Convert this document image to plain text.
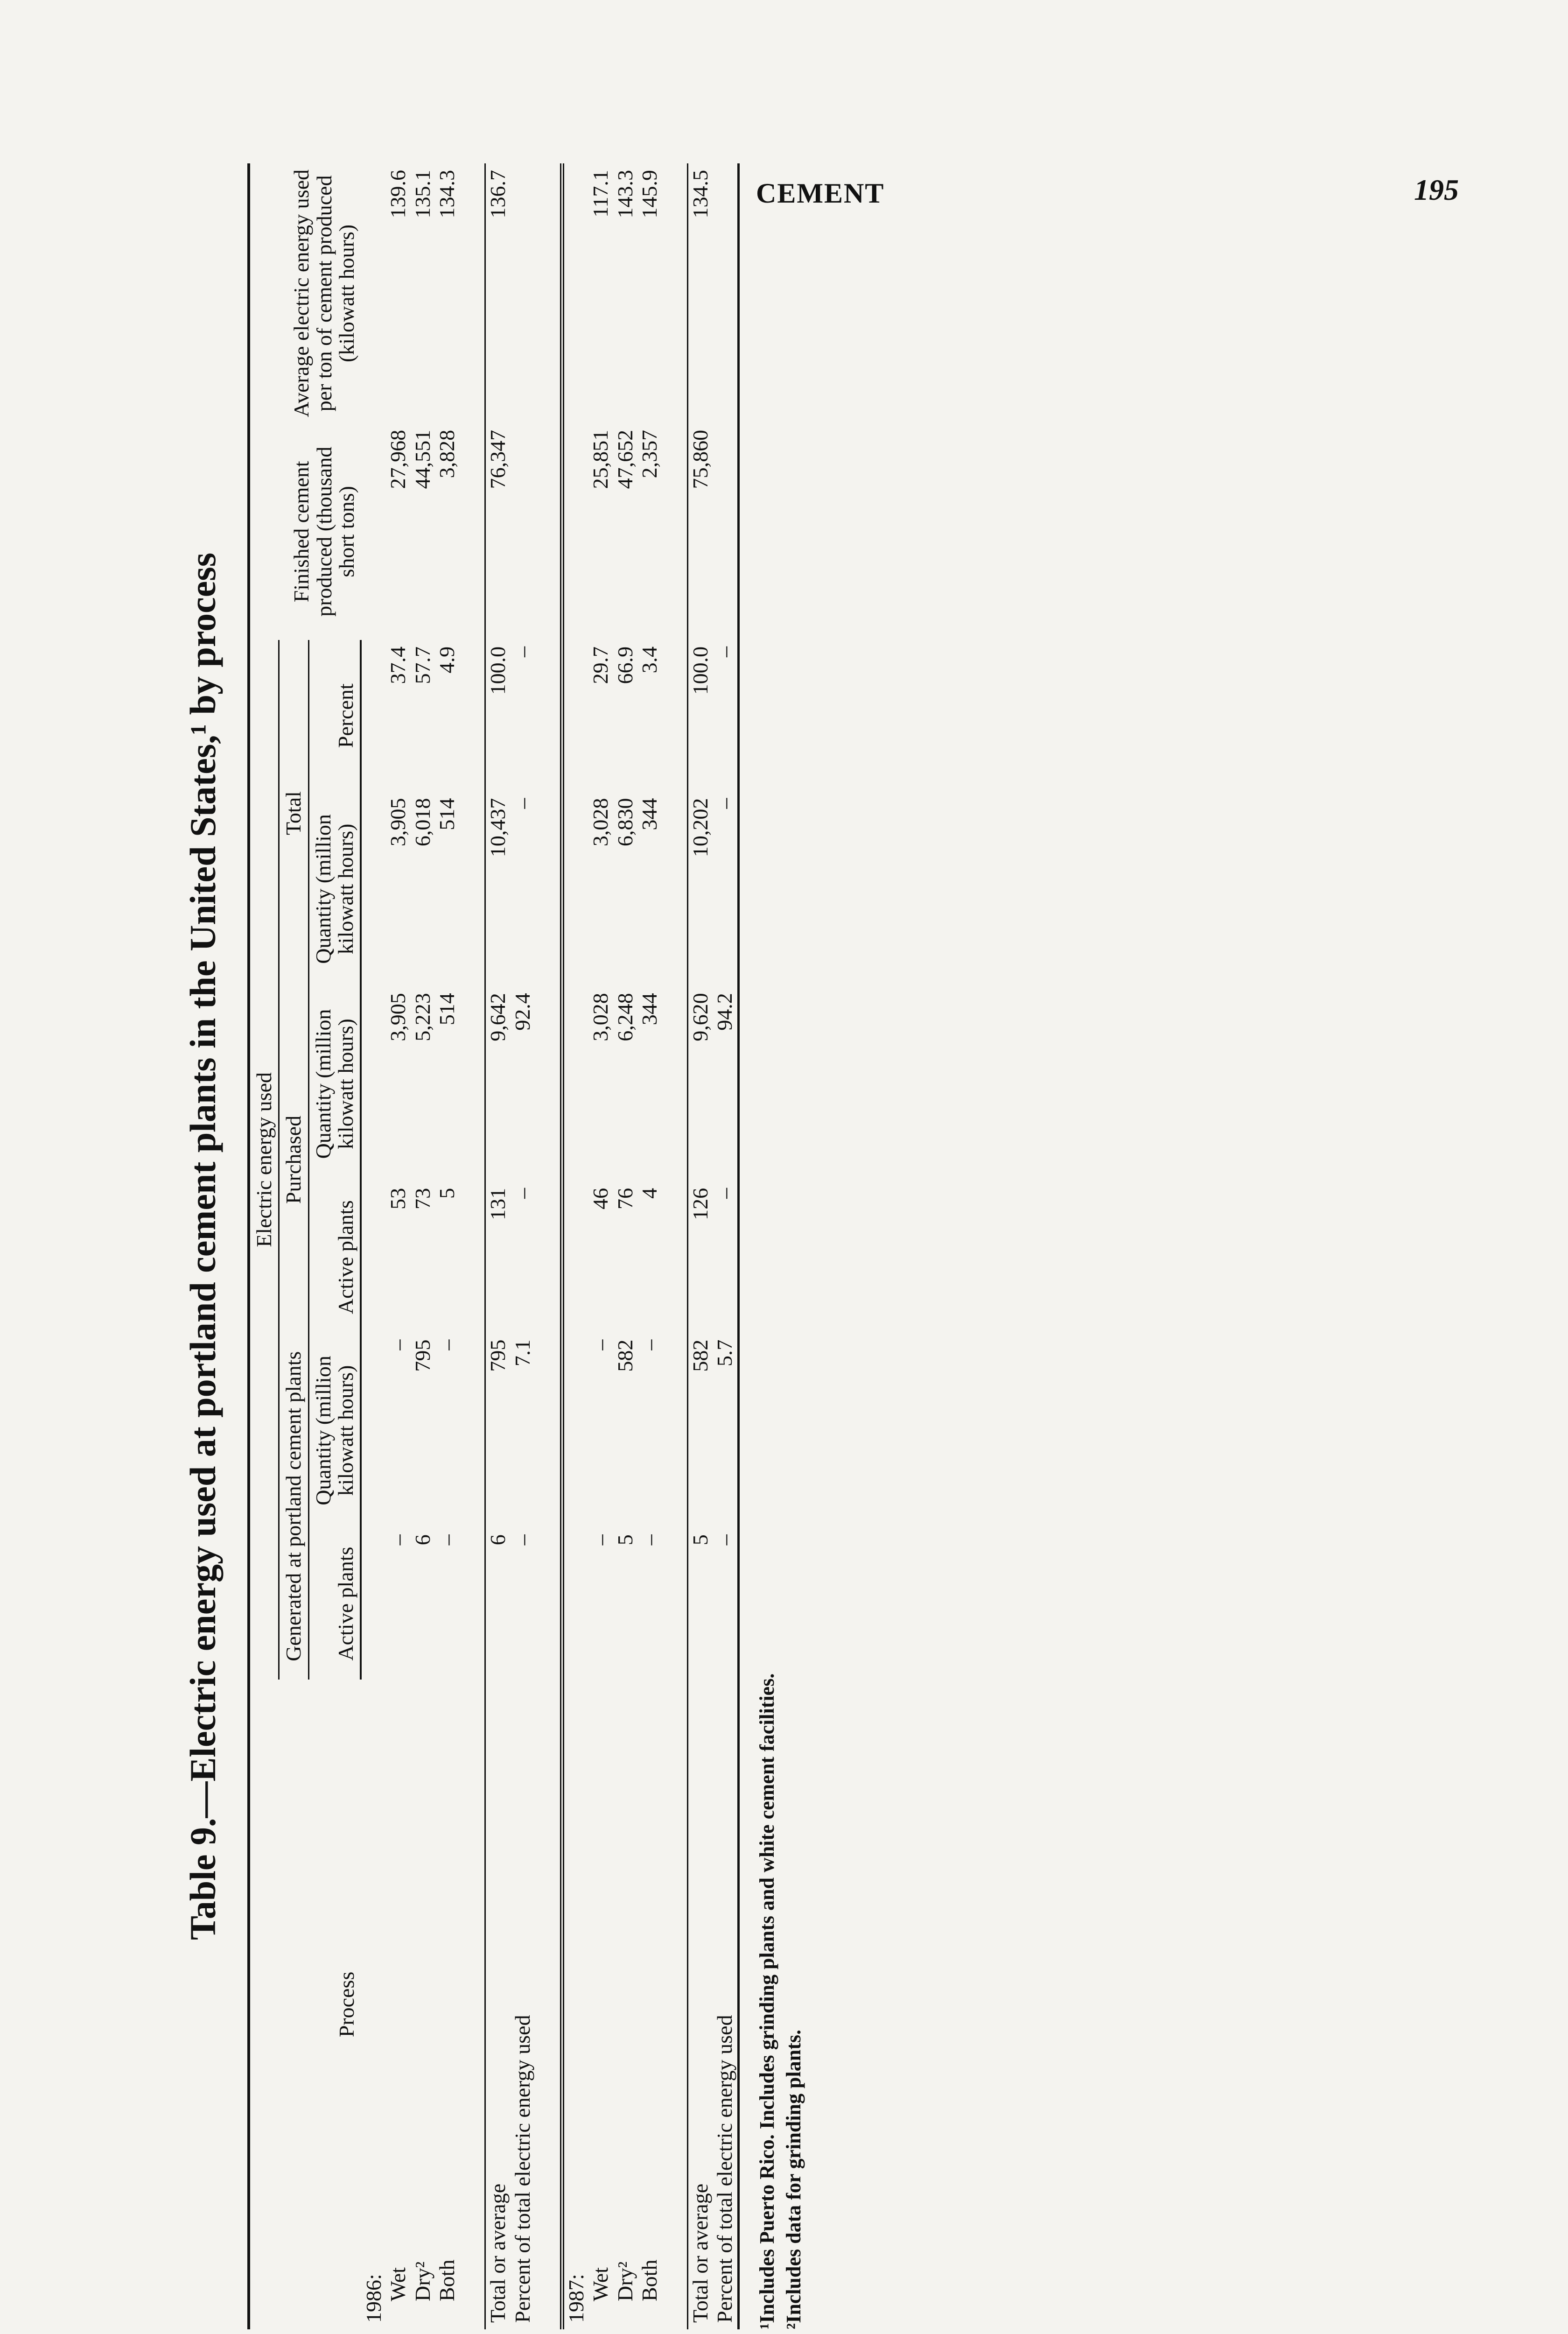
CEMENT	195
Table 9.—Electric energy used at portland cement plants in the United States,¹ by process
Process	Electric energy used						Finished cement produced (thousand short tons)	Average electric energy used per ton of cement produced (kilowatt hours)
	Generated at portland cement plants		Purchased		Total			
	Active plants	Quantity (million kilowatt hours)	Active plants	Quantity (million kilowatt hours)	Quantity (million kilowatt hours)	Percent		
1986:								
Wet	–	–	53	3,905	3,905	37.4	27,968	139.6
Dry²	6	795	73	5,223	6,018	57.7	44,551	135.1
Both	–	–	5	514	514	4.9	3,828	134.3

Total or average	6	795	131	9,642	10,437	100.0	76,347	136.7
Percent of total electric energy used	–	7.1	–	92.4	–	–		

1987:								
Wet	–	–	46	3,028	3,028	29.7	25,851	117.1
Dry²	5	582	76	6,248	6,830	66.9	47,652	143.3
Both	–	–	4	344	344	3.4	2,357	145.9

Total or average	5	582	126	9,620	10,202	100.0	75,860	134.5
Percent of total electric energy used	–	5.7	–	94.2	–	–		
¹Includes Puerto Rico. Includes grinding plants and white cement facilities. ²Includes data for grinding plants.
